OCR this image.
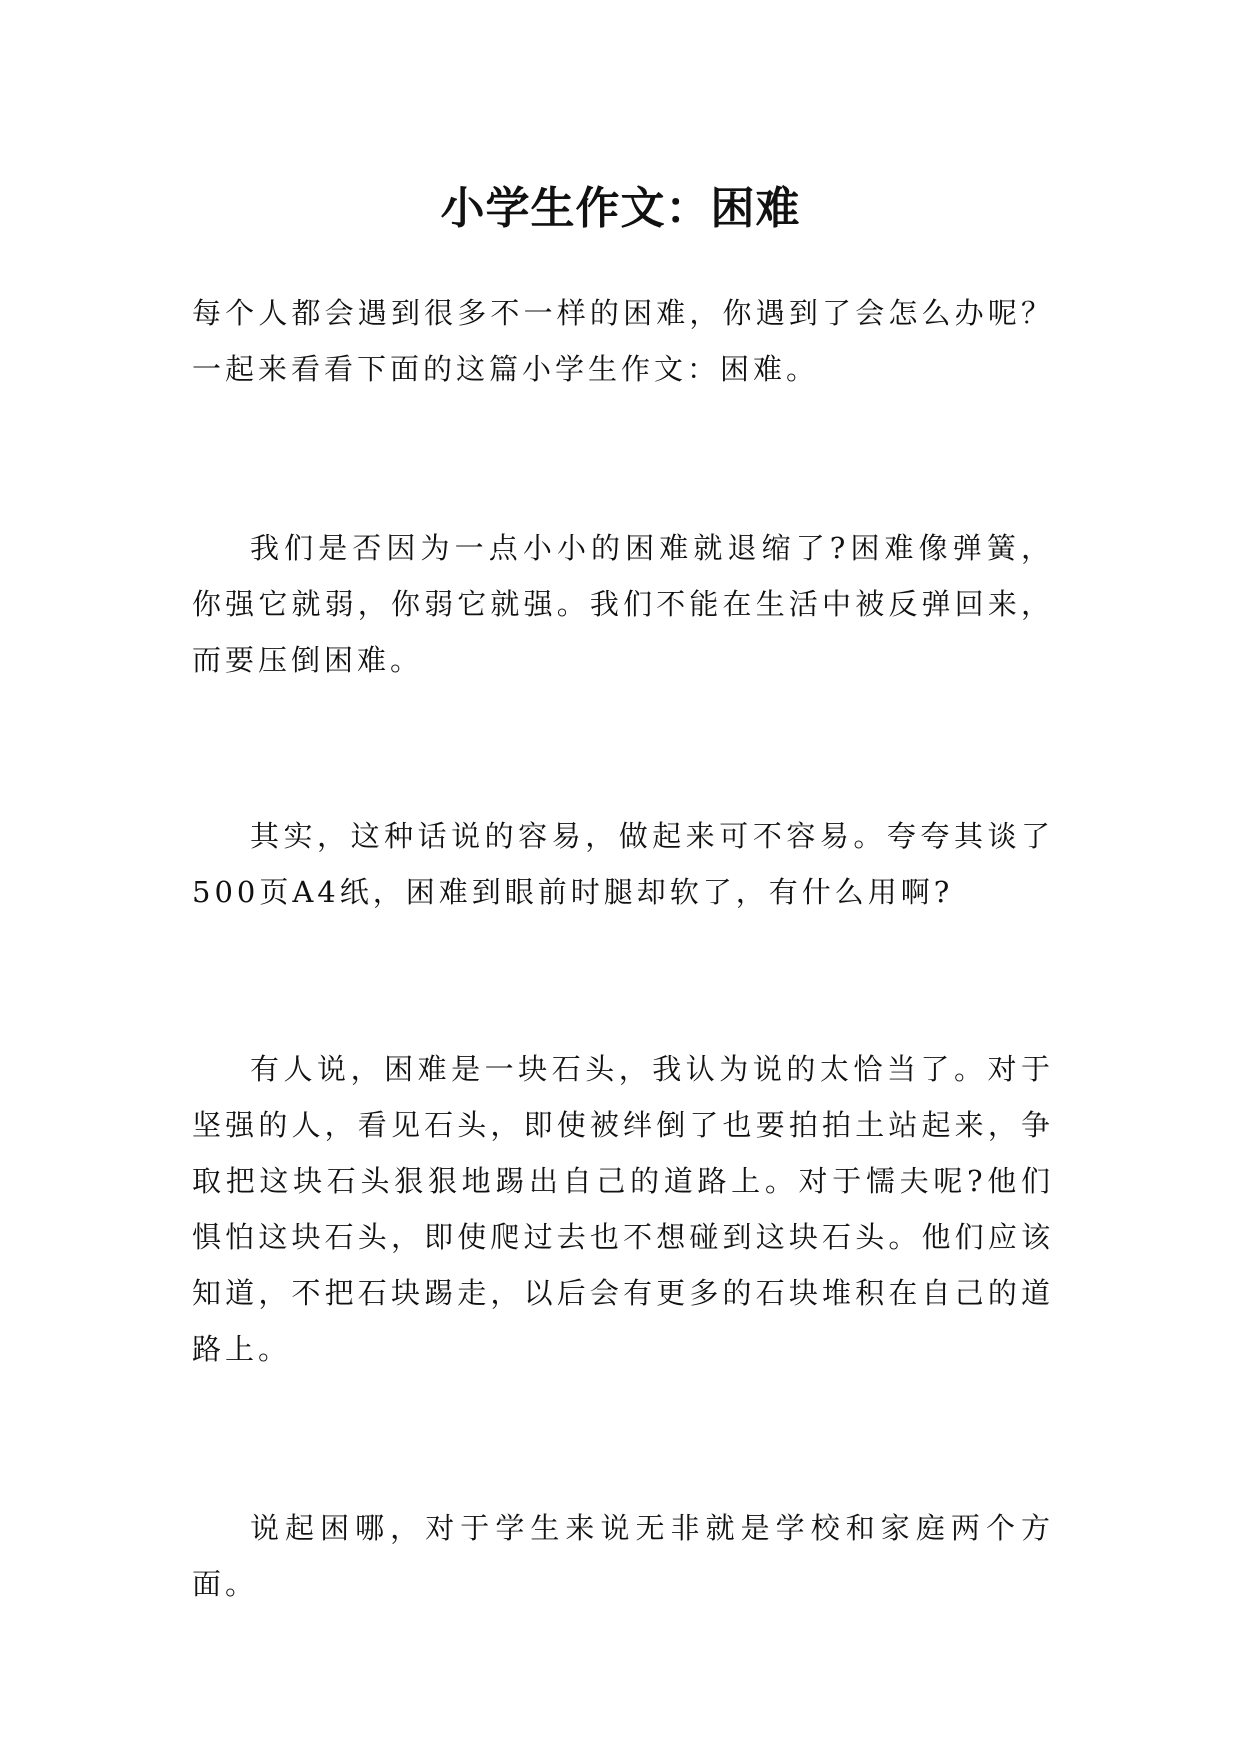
小学生作文：困难

每个人都会遇到很多不一样的困难，你遇到了会怎么办呢？一起来看看下面的这篇小学生作文：困难。

我们是否因为一点小小的困难就退缩了?困难像弹簧，你强它就弱，你弱它就强。我们不能在生活中被反弹回来，而要压倒困难。

其实，这种话说的容易，做起来可不容易。夸夸其谈了500页A4纸，困难到眼前时腿却软了，有什么用啊?

有人说，困难是一块石头，我认为说的太恰当了。对于坚强的人，看见石头，即使被绊倒了也要拍拍土站起来，争取把这块石头狠狠地踢出自己的道路上。对于懦夫呢?他们惧怕这块石头，即使爬过去也不想碰到这块石头。他们应该知道，不把石块踢走，以后会有更多的石块堆积在自己的道路上。

说起困哪，对于学生来说无非就是学校和家庭两个方面。
